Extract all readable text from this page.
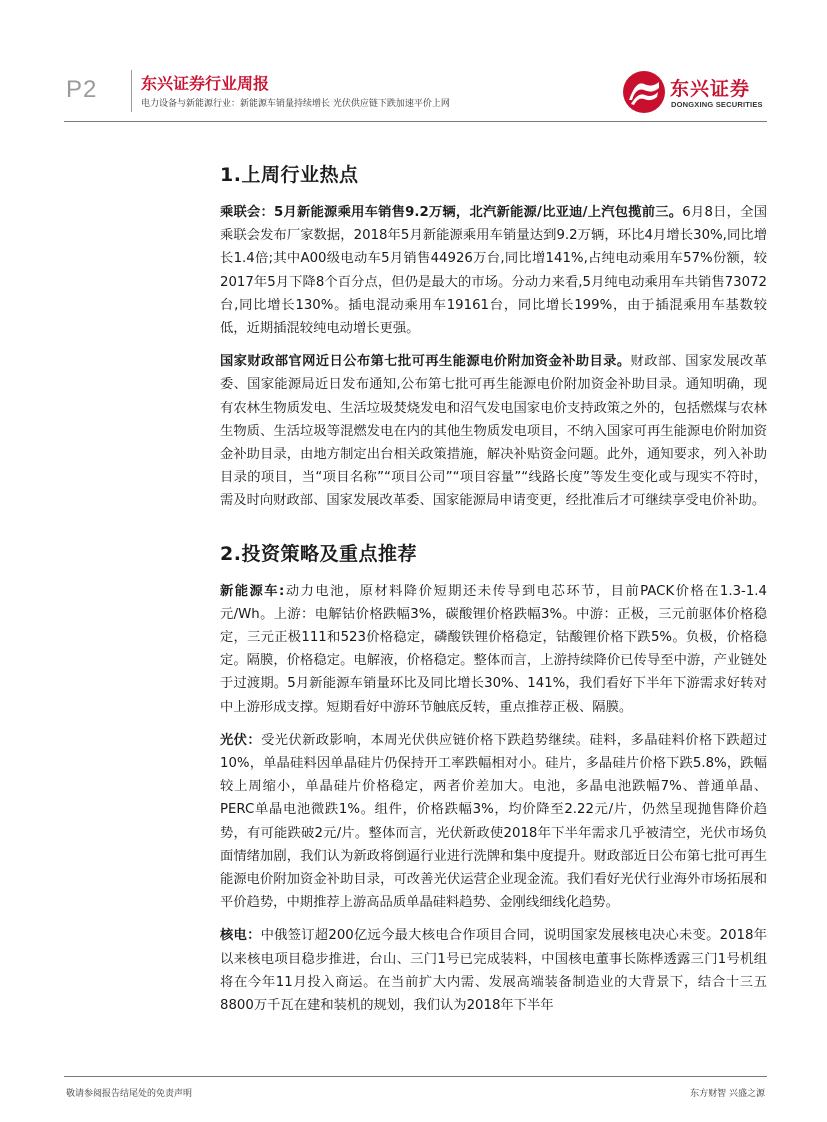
P2	东兴证券行业周报
电力设备与新能源行业：新能源车销量持续增长 光伏供应链下跌加速平价上网
东兴证券
DONGXING SECURITIES
1.上周行业热点

乘联会：5月新能源乘用车销售9.2万辆，北汽新能源/比亚迪/上汽包揽前三。6月8日，全国乘联会发布厂家数据，2018年5月新能源乘用车销量达到9.2万辆，环比4月增长30%,同比增长1.4倍;其中A00级电动车5月销售44926万台,同比增141%,占纯电动乘用车57%份额，较2017年5月下降8个百分点，但仍是最大的市场。分动力来看,5月纯电动乘用车共销售73072台,同比增长130%。插电混动乘用车19161台，同比增长199%，由于插混乘用车基数较低，近期插混较纯电动增长更强。

国家财政部官网近日公布第七批可再生能源电价附加资金补助目录。财政部、国家发展改革委、国家能源局近日发布通知,公布第七批可再生能源电价附加资金补助目录。通知明确，现有农林生物质发电、生活垃圾焚烧发电和沼气发电国家电价支持政策之外的，包括燃煤与农林生物质、生活垃圾等混燃发电在内的其他生物质发电项目，不纳入国家可再生能源电价附加资金补助目录，由地方制定出台相关政策措施，解决补贴资金问题。此外，通知要求，列入补助目录的项目，当“项目名称”“项目公司”“项目容量”“线路长度”等发生变化或与现实不符时，需及时向财政部、国家发展改革委、国家能源局申请变更，经批准后才可继续享受电价补助。

2.投资策略及重点推荐

新能源车:动力电池，原材料降价短期还未传导到电芯环节，目前PACK价格在1.3-1.4元/Wh。上游：电解钴价格跌幅3%，碳酸锂价格跌幅3%。中游：正极，三元前驱体价格稳定，三元正极111和523价格稳定，磷酸铁锂价格稳定，钴酸锂价格下跌5%。负极，价格稳定。隔膜，价格稳定。电解液，价格稳定。整体而言，上游持续降价已传导至中游，产业链处于过渡期。5月新能源车销量环比及同比增长30%、141%，我们看好下半年下游需求好转对中上游形成支撑。短期看好中游环节触底反转，重点推荐正极、隔膜。

光伏：受光伏新政影响，本周光伏供应链价格下跌趋势继续。硅料，多晶硅料价格下跌超过10%，单晶硅料因单晶硅片仍保持开工率跌幅相对小。硅片，多晶硅片价格下跌5.8%，跌幅较上周缩小，单晶硅片价格稳定，两者价差加大。电池，多晶电池跌幅7%、普通单晶、PERC单晶电池微跌1%。组件，价格跌幅3%，均价降至2.22元/片，仍然呈现抛售降价趋势，有可能跌破2元/片。整体而言，光伏新政使2018年下半年需求几乎被清空，光伏市场负面情绪加剧，我们认为新政将倒逼行业进行洗牌和集中度提升。财政部近日公布第七批可再生能源电价附加资金补助目录，可改善光伏运营企业现金流。我们看好光伏行业海外市场拓展和平价趋势，中期推荐上游高品质单晶硅料趋势、金刚线细线化趋势。

核电：中俄签订超200亿远今最大核电合作项目合同，说明国家发展核电决心未变。2018年以来核电项目稳步推进，台山、三门1号已完成装料，中国核电董事长陈桦透露三门1号机组将在今年11月投入商运。在当前扩大内需、发展高端装备制造业的大背景下，结合十三五8800万千瓦在建和装机的规划，我们认为2018年下半年

敬请参阅报告结尾处的免责声明	东方财智 兴盛之源
